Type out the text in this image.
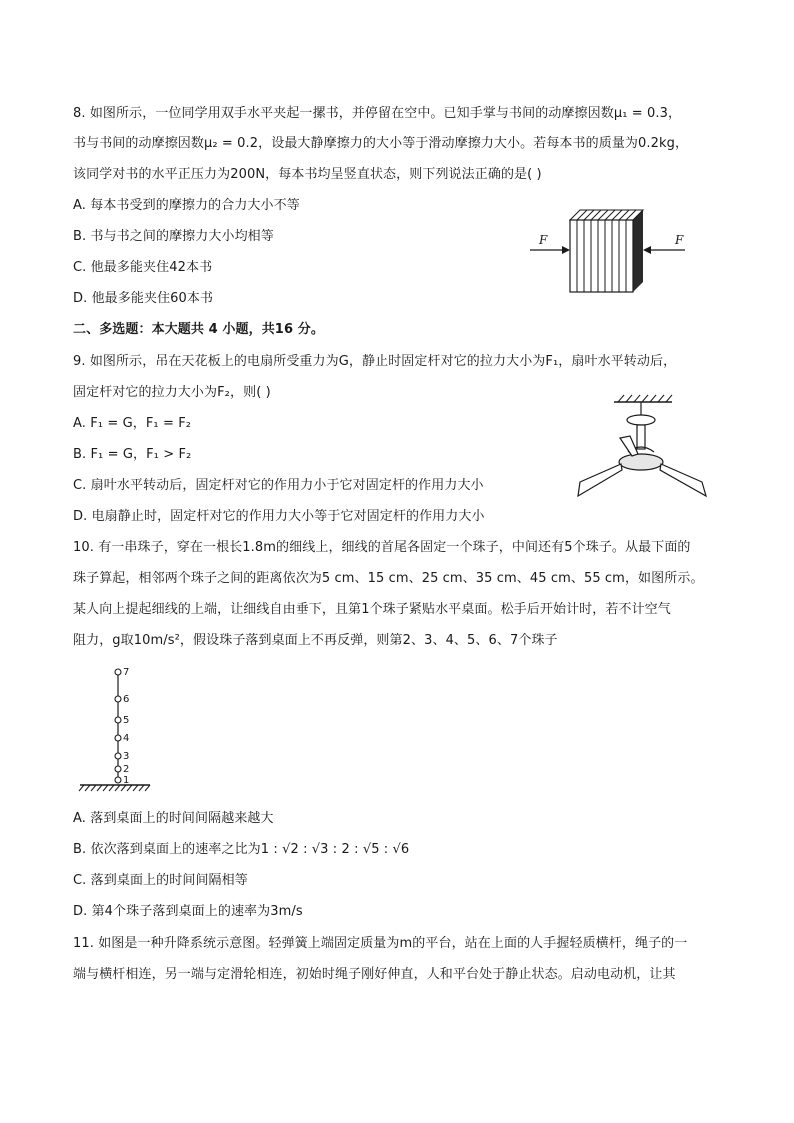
8. 如图所示，一位同学用双手水平夹起一摞书，并停留在空中。已知手掌与书间的动摩擦因数μ₁ = 0.3，
书与书间的动摩擦因数μ₂ = 0.2，设最大静摩擦力的大小等于滑动摩擦力大小。若每本书的质量为0.2kg，
该同学对书的水平正压力为200N，每本书均呈竖直状态，则下列说法正确的是( )
A. 每本书受到的摩擦力的合力大小不等
B. 书与书之间的摩擦力大小均相等
C. 他最多能夹住42本书
D. 他最多能夹住60本书
F	F
二、多选题：本大题共 4 小题，共16 分。
9. 如图所示，吊在天花板上的电扇所受重力为G，静止时固定杆对它的拉力大小为F₁，扇叶水平转动后，
固定杆对它的拉力大小为F₂，则( )
A. F₁ = G，F₁ = F₂
B. F₁ = G，F₁ > F₂
C. 扇叶水平转动后，固定杆对它的作用力小于它对固定杆的作用力大小
D. 电扇静止时，固定杆对它的作用力大小等于它对固定杆的作用力大小
10. 有一串珠子，穿在一根长1.8m的细线上，细线的首尾各固定一个珠子，中间还有5个珠子。从最下面的
珠子算起，相邻两个珠子之间的距离依次为5 cm、15 cm、25 cm、35 cm、45 cm、55 cm，如图所示。
某人向上提起细线的上端，让细线自由垂下，且第1个珠子紧贴水平桌面。松手后开始计时，若不计空气
阻力，g取10m/s²，假设珠子落到桌面上不再反弹，则第2、3、4、5、6、7个珠子
7
6
5
4
3
2
1
A. 落到桌面上的时间间隔越来越大
B. 依次落到桌面上的速率之比为1 : √2 : √3 : 2 : √5 : √6
C. 落到桌面上的时间间隔相等
D. 第4个珠子落到桌面上的速率为3m/s
11. 如图是一种升降系统示意图。轻弹簧上端固定质量为m的平台，站在上面的人手握轻质横杆，绳子的一
端与横杆相连，另一端与定滑轮相连，初始时绳子刚好伸直，人和平台处于静止状态。启动电动机，让其
